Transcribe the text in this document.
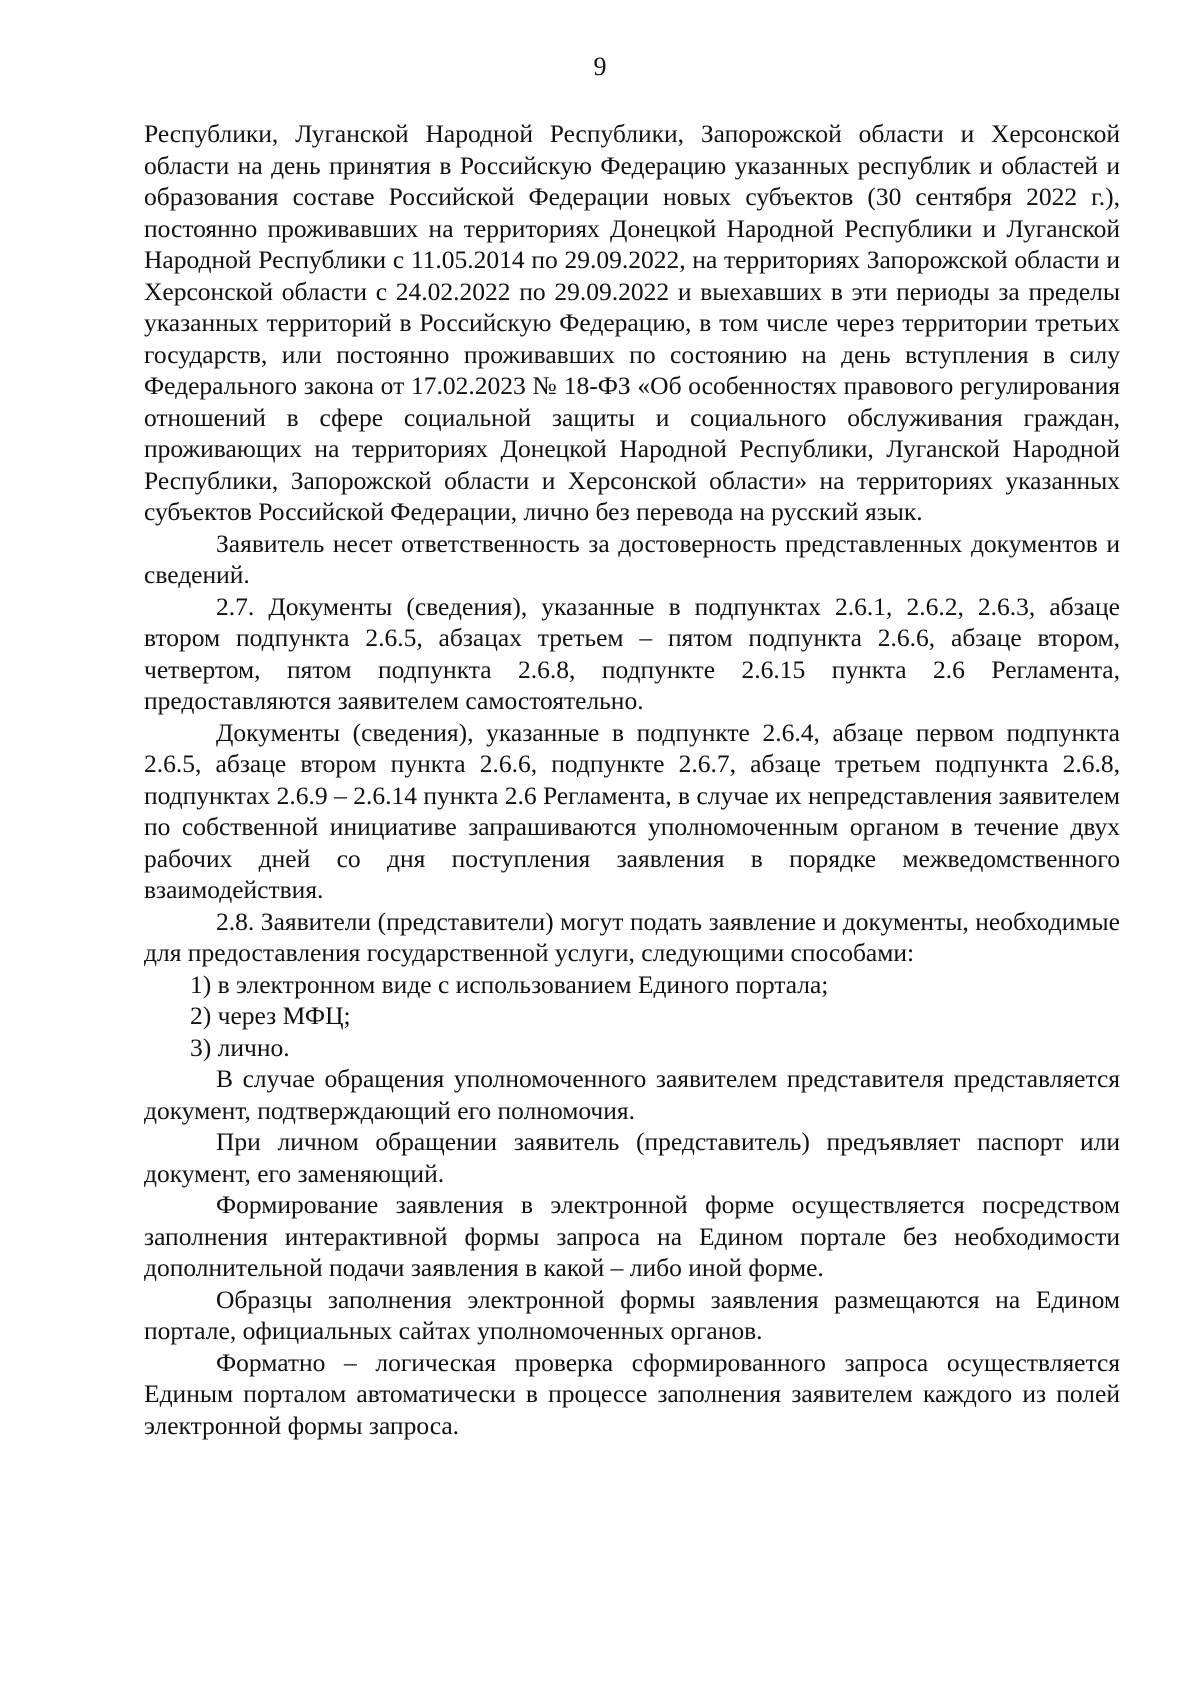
9

Республики, Луганской Народной Республики, Запорожской области и Херсонской области на день принятия в Российскую Федерацию указанных республик и областей и образования составе Российской Федерации новых субъектов (30 сентября 2022 г.), постоянно проживавших на территориях Донецкой Народной Республики и Луганской Народной Республики с 11.05.2014 по 29.09.2022, на территориях Запорожской области и Херсонской области с 24.02.2022 по 29.09.2022 и выехавших в эти периоды за пределы указанных территорий в Российскую Федерацию, в том числе через территории третьих государств, или постоянно проживавших по состоянию на день вступления в силу Федерального закона от 17.02.2023 № 18-ФЗ «Об особенностях правового регулирования отношений в сфере социальной защиты и социального обслуживания граждан, проживающих на территориях Донецкой Народной Республики, Луганской Народной Республики, Запорожской области и Херсонской области» на территориях указанных субъектов Российской Федерации, лично без перевода на русский язык.

Заявитель несет ответственность за достоверность представленных документов и сведений.

2.7. Документы (сведения), указанные в подпунктах 2.6.1, 2.6.2, 2.6.3, абзаце втором подпункта 2.6.5, абзацах третьем – пятом подпункта 2.6.6, абзаце втором, четвертом, пятом подпункта 2.6.8, подпункте 2.6.15 пункта 2.6 Регламента, предоставляются заявителем самостоятельно.

Документы (сведения), указанные в подпункте 2.6.4, абзаце первом подпункта 2.6.5, абзаце втором пункта 2.6.6, подпункте 2.6.7, абзаце третьем подпункта 2.6.8, подпунктах 2.6.9 – 2.6.14 пункта 2.6 Регламента, в случае их непредставления заявителем по собственной инициативе запрашиваются уполномоченным органом в течение двух рабочих дней со дня поступления заявления в порядке межведомственного взаимодействия.

2.8. Заявители (представители) могут подать заявление и документы, необходимые для предоставления государственной услуги, следующими способами:

1) в электронном виде с использованием Единого портала;

2) через МФЦ;

3) лично.

В случае обращения уполномоченного заявителем представителя представляется документ, подтверждающий его полномочия.

При личном обращении заявитель (представитель) предъявляет паспорт или документ, его заменяющий.

Формирование заявления в электронной форме осуществляется посредством заполнения интерактивной формы запроса на Едином портале без необходимости дополнительной подачи заявления в какой – либо иной форме.

Образцы заполнения электронной формы заявления размещаются на Едином портале, официальных сайтах уполномоченных органов.

Форматно – логическая проверка сформированного запроса осуществляется Единым порталом автоматически в процессе заполнения заявителем каждого из полей электронной формы запроса.
